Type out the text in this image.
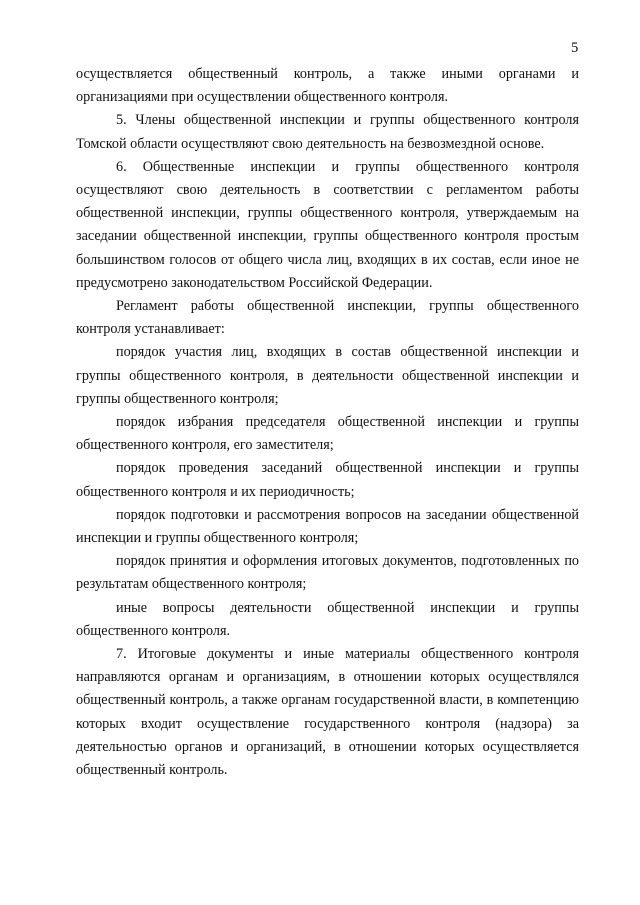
5

осуществляется общественный контроль, а также иными органами и организациями при осуществлении общественного контроля.

5. Члены общественной инспекции и группы общественного контроля Томской области осуществляют свою деятельность на безвозмездной основе.

6. Общественные инспекции и группы общественного контроля осуществляют свою деятельность в соответствии с регламентом работы общественной инспекции, группы общественного контроля, утверждаемым на заседании общественной инспекции, группы общественного контроля простым большинством голосов от общего числа лиц, входящих в их состав, если иное не предусмотрено законодательством Российской Федерации.

Регламент работы общественной инспекции, группы общественного контроля устанавливает:

порядок участия лиц, входящих в состав общественной инспекции и группы общественного контроля, в деятельности общественной инспекции и группы общественного контроля;

порядок избрания председателя общественной инспекции и группы общественного контроля, его заместителя;

порядок проведения заседаний общественной инспекции и группы общественного контроля и их периодичность;

порядок подготовки и рассмотрения вопросов на заседании общественной инспекции и группы общественного контроля;

порядок принятия и оформления итоговых документов, подготовленных по результатам общественного контроля;

иные вопросы деятельности общественной инспекции и группы общественного контроля.

7. Итоговые документы и иные материалы общественного контроля направляются органам и организациям, в отношении которых осуществлялся общественный контроль, а также органам государственной власти, в компетенцию которых входит осуществление государственного контроля (надзора) за деятельностью органов и организаций, в отношении которых осуществляется общественный контроль.
